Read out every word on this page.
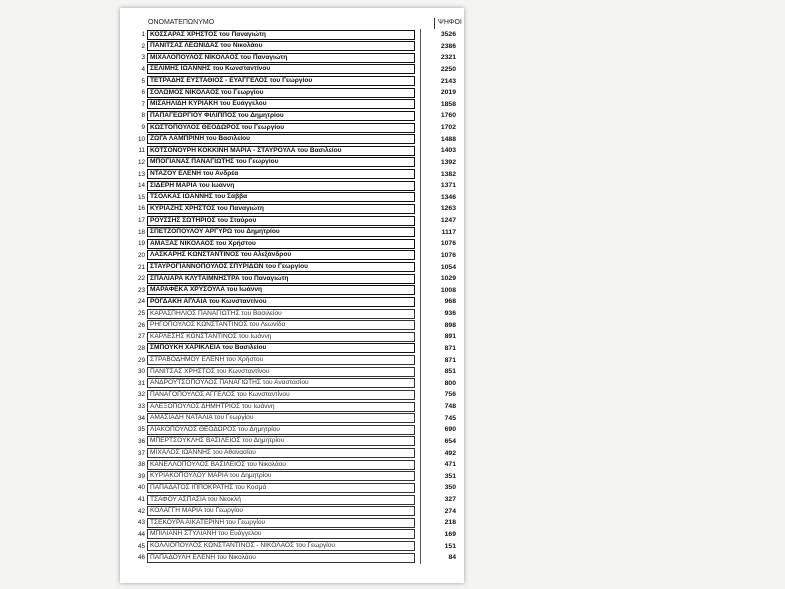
ΟΝΟΜΑΤΕΠΩΝΥΜΟ	ΨΗΦΟΙ
1 ΚΟΣΣΑΡΑΣ ΧΡΗΣΤΟΣ του Παναγιώτη	3526
2 ΠΑΝΙΤΣΑΣ ΛΕΩΝΙΔΑΣ του Νικολάου	2386
3 ΜΙΧΑΛΟΠΟΥΛΟΣ ΝΙΚΟΛΑΟΣ του Παναγιώτη	2321
4 ΣΕΛΙΜΗΣ ΙΩΑΝΝΗΣ του Κωνσταντίνου	2250
5 ΤΕΤΡΑΔΗΣ ΕΥΣΤΑΘΙΟΣ - ΕΥΑΓΓΕΛΟΣ του Γεωργίου	2143
6 ΣΟΛΩΜΟΣ ΝΙΚΟΛΑΟΣ του Γεωργίου	2019
7 ΜΙΣΑΗΛΙΔΗ ΚΥΡΙΑΚΗ του Ευάγγελου	1858
8 ΠΑΠΑΓΕΩΡΓΙΟΥ ΦΙΛΙΠΠΟΣ του Δημητρίου	1760
9 ΚΩΣΤΟΠΟΥΛΟΣ ΘΕΟΔΩΡΟΣ του Γεωργίου	1702
10 ΖΩΓΑ ΛΑΜΠΡΙΝΗ του Βασιλείου	1488
11 ΚΟΤΣΟΝΟΥΡΗ ΚΟΚΚΙΝΗ ΜΑΡΙΑ - ΣΤΑΥΡΟΥΛΑ του Βασιλείου	1403
12 ΜΠΟΓΙΑΝΑΣ ΠΑΝΑΓΙΩΤΗΣ του Γεωργίου	1392
13 ΝΤΑΖΟΥ ΕΛΕΝΗ του Ανδρέα	1382
14 ΣΙΔΕΡΗ ΜΑΡΙΑ του Ιωάννη	1371
15 ΤΣΟΛΚΑΣ ΙΩΑΝΝΗΣ του Σάββα	1346
16 ΚΥΡΙΑΖΗΣ ΧΡΗΣΤΟΣ του Παναγιώτη	1263
17 ΡΟΥΣΣΗΣ ΣΩΤΗΡΙΟΣ του Σταύρου	1247
18 ΣΠΕΤΖΟΠΟΥΛΟΥ ΑΡΓΥΡΩ του Δημητρίου	1117
19 ΑΜΑΞΑΣ ΝΙΚΟΛΑΟΣ του Χρήστου	1076
20 ΛΑΣΚΑΡΗΣ ΚΩΝΣΤΑΝΤΙΝΟΣ του Αλεξάνδρου	1076
21 ΣΤΑΥΡΟΓΙΑΝΝΟΠΟΥΛΟΣ ΣΠΥΡΙΔΩΝ του Γεωργίου	1054
22 ΣΠΑΛΙΑΡΑ ΚΛΥΤΑΙΜΝΗΣΤΡΑ του Παναγιώτη	1029
23 ΜΑΡΑΦΕΚΑ ΧΡΥΣΟΥΛΑ του Ιωάννη	1008
24 ΡΟΓΔΑΚΗ ΑΓΛΑΙΑ του Κωνσταντίνου	968
25 ΚΑΡΑΣΠΗΛΙΟΣ ΠΑΝΑΓΙΩΤΗΣ του Βασιλείου	936
26 ΡΗΓΟΠΟΥΛΟΣ ΚΩΝΣΤΑΝΤΙΝΟΣ του Λεωνίδα	898
27 ΚΑΡΛΕΣΗΣ ΚΩΝΣΤΑΝΤΙΝΟΣ του Ιωάννη	891
28 ΣΜΠΟΥΚΗ ΧΑΡΙΚΛΕΙΑ του Βασιλείου	871
29 ΣΤΡΑΒΟΔΗΜΟΥ ΕΛΕΝΗ του Χρήστου	871
30 ΠΑΝΙΤΣΑΣ ΧΡΗΣΤΟΣ του Κωνσταντίνου	851
31 ΑΝΔΡΟΥΤΣΟΠΟΥΛΟΣ ΠΑΝΑΓΙΩΤΗΣ του Αναστασίου	800
32 ΠΑΝΑΓΟΠΟΥΛΟΣ ΑΓΓΕΛΟΣ του Κωνσταντίνου	756
33 ΑΛΕΞΟΠΟΥΛΟΣ ΔΗΜΗΤΡΙΟΣ του Ιωάννη	748
34 ΑΜΑΣΙΑΔΗ ΝΑΤΑΛΙΑ του Γεωργίου	745
35 ΛΙΑΚΟΠΟΥΛΟΣ ΘΕΟΔΩΡΟΣ του Δημητρίου	690
36 ΜΠΕΡΤΣΟΥΚΛΗΣ ΒΑΣΙΛΕΙΟΣ του Δημητρίου	654
37 ΜΙΧΑΛΟΣ ΙΩΑΝΝΗΣ του Αθανασίου	492
38 ΚΑΝΕΛΛΟΠΟΥΛΟΣ ΒΑΣΙΛΕΙΟΣ του Νικολάου	471
39 ΚΥΡΙΑΚΟΠΟΥΛΟΥ ΜΑΡΙΑ του Δημητρίου	351
40 ΠΑΠΑΔΑΤΟΣ ΙΠΠΟΚΡΑΤΗΣ του Κοσμά	350
41 ΤΣΑΦΟΥ ΑΣΠΑΣΙΑ του Νεοκλή	327
42 ΚΟΛΑΓΓΗ ΜΑΡΙΑ του Γεωργίου	274
43 ΤΣΕΚΟΥΡΑ ΑΙΚΑΤΕΡΙΝΗ του Γεωργίου	218
44 ΜΠΙΛΙΑΝΗ ΣΤΥΛΙΑΝΗ του Ευάγγελου	169
45 ΚΟΛΛΙΟΠΟΥΛΟΣ ΚΩΝΣΤΑΝΤΙΝΟΣ - ΝΙΚΟΛΑΟΣ του Γεωργίου	151
46 ΠΑΠΑΔΟΥΛΗ ΕΛΕΝΗ του Νικολάου	84
